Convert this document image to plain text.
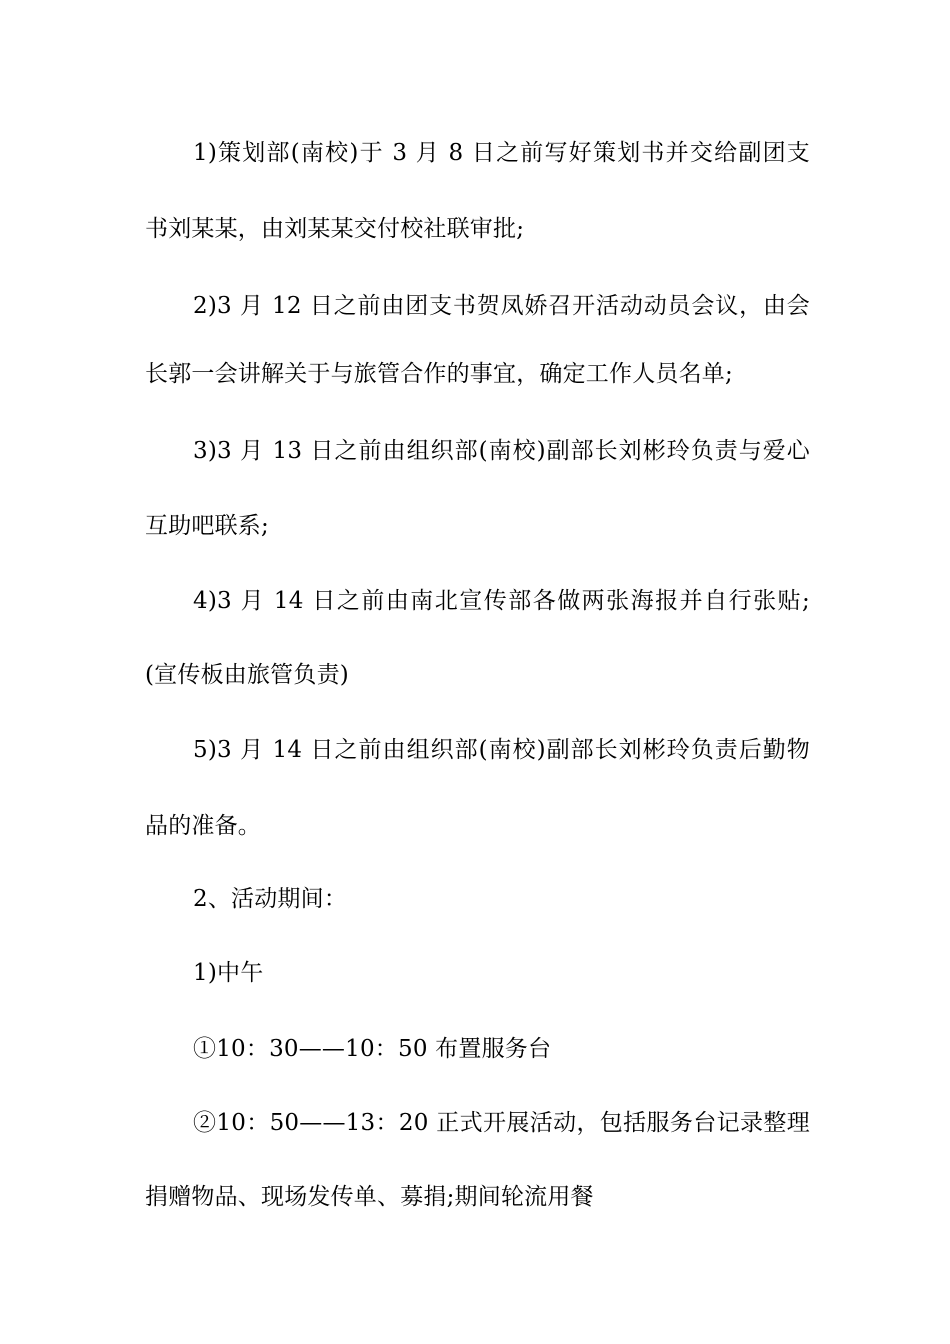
1)策划部(南校)于 3 月 8 日之前写好策划书并交给副团支
书刘某某，由刘某某交付校社联审批;
2)3 月 12 日之前由团支书贺凤娇召开活动动员会议，由会
长郭一会讲解关于与旅管合作的事宜，确定工作人员名单;
3)3 月 13 日之前由组织部(南校)副部长刘彬玲负责与爱心
互助吧联系;
4)3 月 14 日之前由南北宣传部各做两张海报并自行张贴;
(宣传板由旅管负责)
5)3 月 14 日之前由组织部(南校)副部长刘彬玲负责后勤物
品的准备。
2、活动期间：
1)中午
①10：30——10：50 布置服务台
②10：50——13：20 正式开展活动，包括服务台记录整理
捐赠物品、现场发传单、募捐;期间轮流用餐
